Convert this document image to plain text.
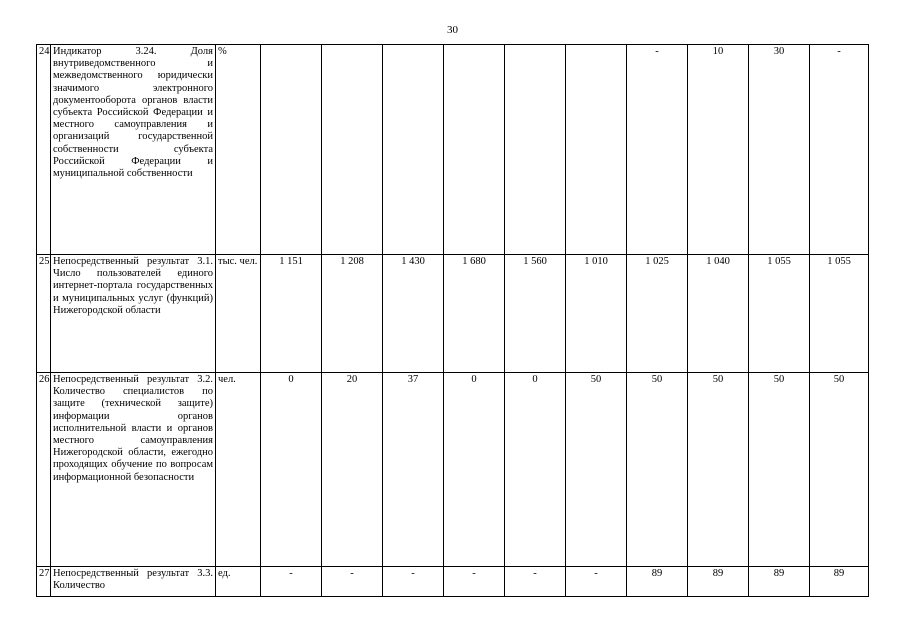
30
24	Индикатор 3.24. Доля внутриведомственного и межведомственного юридически значимого электронного документооборота органов власти субъекта Российской Федерации и местного самоуправления и организаций государственной собственности субъекта Российской Федерации и муниципальной собственности	%							-	10	30	-
25	Непосредственный результат 3.1. Число пользователей единого интернет-портала государственных и муниципальных услуг (функций) Нижегородской области	тыс. чел.	1 151	1 208	1 430	1 680	1 560	1 010	1 025	1 040	1 055	1 055
26	Непосредственный результат 3.2. Количество специалистов по защите (технической защите) информации органов исполнительной власти и органов местного самоуправления Нижегородской области, ежегодно проходящих обучение по вопросам информационной безопасности	чел.	0	20	37	0	0	50	50	50	50	50
27	Непосредственный результат 3.3. Количество	ед.	-	-	-	-	-	-	89	89	89	89
